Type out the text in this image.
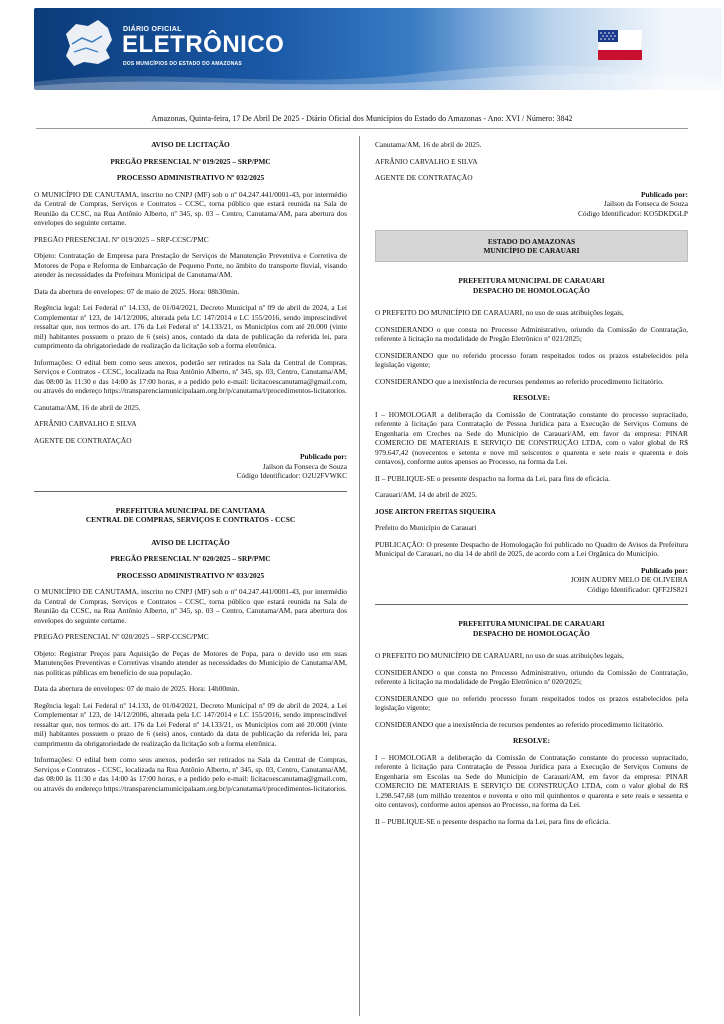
DIÁRIO OFICIAL
ELETRÔNICO
DOS MUNICÍPIOS DO ESTADO DO AMAZONAS
Amazonas, Quinta-feira, 17 De Abril De 2025 - Diário Oficial dos Municípios do Estado do Amazonas - Ano: XVI / Número: 3842

AVISO DE LICITAÇÃO

PREGÃO PRESENCIAL Nº 019/2025 – SRP/PMC

PROCESSO ADMINISTRATIVO Nº 032/2025

O MUNICÍPIO DE CANUTAMA, inscrito no CNPJ (MF) sob o nº 04.247.441/0001-43, por intermédio da Central de Compras, Serviços e Contratos - CCSC, torna público que estará reunida na Sala de Reunião da CCSC, na Rua Antônio Alberto, nº 345, sp. 03 – Centro, Canutama/AM, para abertura dos envelopes do seguinte certame.

PREGÃO PRESENCIAL Nº 019/2025 – SRP-CCSC/PMC

Objeto: Contratação de Empresa para Prestação de Serviços de Manutenção Preventiva e Corretiva de Motores de Popa e Reforma de Embarcação de Pequeno Porte, no âmbito do transporte fluvial, visando atender às necessidades da Prefeitura Municipal de Canutama/AM.

Data da abertura de envelopes: 07 de maio de 2025. Hora: 08h30min.

Regência legal: Lei Federal nº 14.133, de 01/04/2021, Decreto Municipal nº 09 de abril de 2024, a Lei Complementar nº 123, de 14/12/2006, alterada pela LC 147/2014 e LC 155/2016, sendo imprescindível ressaltar que, nos termos do art. 176 da Lei Federal nº 14.133/21, os Municípios com até 20.000 (vinte mil) habitantes possuem o prazo de 6 (seis) anos, contado da data de publicação da referida lei, para cumprimento da obrigatoriedade de realização da licitação sob a forma eletrônica.

Informações: O edital bem como seus anexos, poderão ser retirados na Sala da Central de Compras, Serviços e Contratos - CCSC, localizada na Rua Antônio Alberto, nº 345, sp. 03, Centro, Canutama/AM, das 08:00 às 11:30 e das 14:00 às 17:00 horas, e a pedido pelo e-mail: licitacoescanutama@gmail.com, ou através do endereço https://transparenciamunicipalaam.org.br/p/canutama/t/procedimentos-licitatorios.

Canutama/AM, 16 de abril de 2025.

AFRÂNIO CARVALHO E SILVA

AGENTE DE CONTRATAÇÃO

Publicado por:
Jailson da Fonseca de Souza
Código Identificador: O2U2FVWKC

PREFEITURA MUNICIPAL DE CANUTAMA

CENTRAL DE COMPRAS, SERVIÇOS E CONTRATOS - CCSC

AVISO DE LICITAÇÃO

PREGÃO PRESENCIAL Nº 020/2025 – SRP/PMC

PROCESSO ADMINISTRATIVO Nº 033/2025

O MUNICÍPIO DE CANUTAMA, inscrito no CNPJ (MF) sob o nº 04.247.441/0001-43, por intermédio da Central de Compras, Serviços e Contratos - CCSC, torna público que estará reunida na Sala de Reunião da CCSC, na Rua Antônio Alberto, nº 345, sp. 03 – Centro, Canutama/AM, para abertura dos envelopes do seguinte certame.

PREGÃO PRESENCIAL Nº 020/2025 – SRP-CCSC/PMC

Objeto: Registrar Preços para Aquisição de Peças de Motores de Popa, para o devido uso em suas Manutenções Preventivas e Corretivas visando atender as necessidades do Município de Canutama/AM, nas políticas públicas em benefício de sua população.

Data da abertura de envelopes: 07 de maio de 2025. Hora: 14h00min.

Regência legal: Lei Federal nº 14.133, de 01/04/2021, Decreto Municipal nº 09 de abril de 2024, a Lei Complementar nº 123, de 14/12/2006, alterada pela LC 147/2014 e LC 155/2016, sendo imprescindível ressaltar que, nos termos do art. 176 da Lei Federal nº 14.133/21, os Municípios com até 20.000 (vinte mil) habitantes possuem o prazo de 6 (seis) anos, contado da data de publicação da referida lei, para cumprimento da obrigatoriedade de realização da licitação sob a forma eletrônica.

Informações: O edital bem como seus anexos, poderão ser retirados na Sala da Central de Compras, Serviços e Contratos - CCSC, localizada na Rua Antônio Alberto, nº 345, sp. 03, Centro, Canutama/AM, das 08:00 às 11:30 e das 14:00 às 17:00 horas, e a pedido pelo e-mail: licitacoescanutama@gmail.com, ou através do endereço https://transparenciamunicipalaam.org.br/p/canutama/t/procedimentos-licitatorios.

Canutama/AM, 16 de abril de 2025.

AFRÂNIO CARVALHO E SILVA

AGENTE DE CONTRATAÇÃO

Publicado por:
Jailson da Fonseca de Souza
Código Identificador: KO5DKDGLP
ESTADO DO AMAZONAS
MUNICÍPIO DE CARAUARI

PREFEITURA MUNICIPAL DE CARAUARI

DESPACHO DE HOMOLOGAÇÃO

O PREFEITO DO MUNICÍPIO DE CARAUARI, no uso de suas atribuições legais,

CONSIDERANDO o que consta no Processo Administrativo, oriundo da Comissão de Contratação, referente à licitação na modalidade de Pregão Eletrônico nº 021/2025;

CONSIDERANDO que no referido processo foram respeitados todos os prazos estabelecidos pela legislação vigente;

CONSIDERANDO que a inexistência de recursos pendentes ao referido procedimento licitatório.

RESOLVE:

I – HOMOLOGAR a deliberação da Comissão de Contratação constante do processo supracitado, referente à licitação para Contratação de Pessoa Jurídica para a Execução de Serviços Comuns de Engenharia em Creches na Sede do Município de Carauari/AM, em favor da empresa: PINAR COMERCIO DE MATERIAIS E SERVIÇO DE CONSTRUÇÃO LTDA, com o valor global de R$ 979.647,42 (novecentos e setenta e nove mil seiscentos e quarenta e sete reais e quarenta e dois centavos), conforme autos apensos ao Processo, na forma da Lei.

II – PUBLIQUE-SE o presente despacho na forma da Lei, para fins de eficácia.

Carauari/AM, 14 de abril de 2025.

JOSE AIRTON FREITAS SIQUEIRA

Prefeito do Município de Carauari

PUBLICAÇÃO: O presente Despacho de Homologação foi publicado no Quadro de Avisos da Prefeitura Municipal de Carauari, no dia 14 de abril de 2025, de acordo com a Lei Orgânica do Município.

Publicado por:
JOHN AUDRY MELO DE OLIVEIRA
Código Identificador: QFF2JS821

PREFEITURA MUNICIPAL DE CARAUARI

DESPACHO DE HOMOLOGAÇÃO

O PREFEITO DO MUNICÍPIO DE CARAUARI, no uso de suas atribuições legais,

CONSIDERANDO o que consta no Processo Administrativo, oriundo da Comissão de Contratação, referente à licitação na modalidade de Pregão Eletrônico nº 020/2025;

CONSIDERANDO que no referido processo foram respeitados todos os prazos estabelecidos pela legislação vigente;

CONSIDERANDO que a inexistência de recursos pendentes ao referido procedimento licitatório.

RESOLVE:

I – HOMOLOGAR a deliberação da Comissão de Contratação constante do processo supracitado, referente à licitação para Contratação de Pessoa Jurídica para a Execução de Serviços Comuns de Engenharia em Escolas na Sede do Município de Carauari/AM, em favor da empresa: PINAR COMERCIO DE MATERIAIS E SERVIÇO DE CONSTRUÇÃO LTDA, com o valor global de R$ 1.298.547,68 (um milhão trezentos e noventa e oito mil quinhentos e quarenta e sete reais e sessenta e oito centavos), conforme autos apensos ao Processo, na forma da Lei.

II – PUBLIQUE-SE o presente despacho na forma da Lei, para fins de eficácia.
